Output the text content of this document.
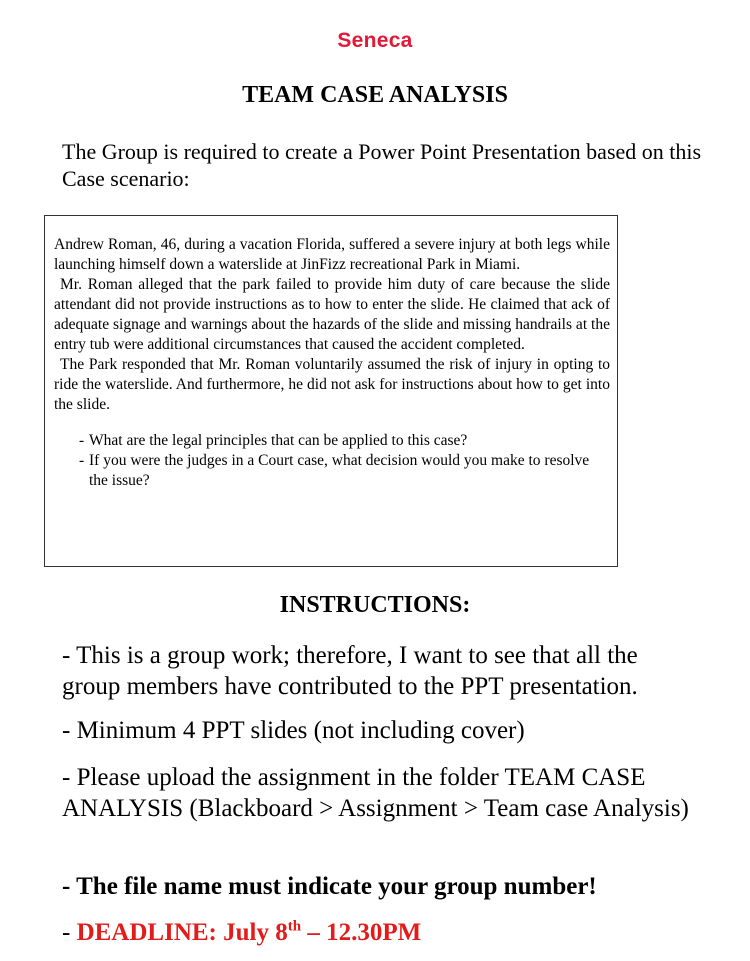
Seneca
TEAM CASE ANALYSIS
The Group is required to create a Power Point Presentation based on this Case scenario:

Andrew Roman, 46, during a vacation Florida, suffered a severe injury at both legs while launching himself down a waterslide at JinFizz recreational Park in Miami.

Mr. Roman alleged that the park failed to provide him duty of care because the slide attendant did not provide instructions as to how to enter the slide. He claimed that ack of adequate signage and warnings about the hazards of the slide and missing handrails at the entry tub were additional circumstances that caused the accident completed.

The Park responded that Mr. Roman voluntarily assumed the risk of injury in opting to ride the waterslide. And furthermore, he did not ask for instructions about how to get into the slide.

- What are the legal principles that can be applied to this case?
- If you were the judges in a Court case, what decision would you make to resolve the issue?
INSTRUCTIONS:
- This is a group work; therefore, I want to see that all the group members have contributed to the PPT presentation.
- Minimum 4 PPT slides (not including cover)
- Please upload the assignment in the folder TEAM CASE ANALYSIS (Blackboard > Assignment > Team case Analysis)
- The file name must indicate your group number!
- DEADLINE: July 8th – 12.30PM
